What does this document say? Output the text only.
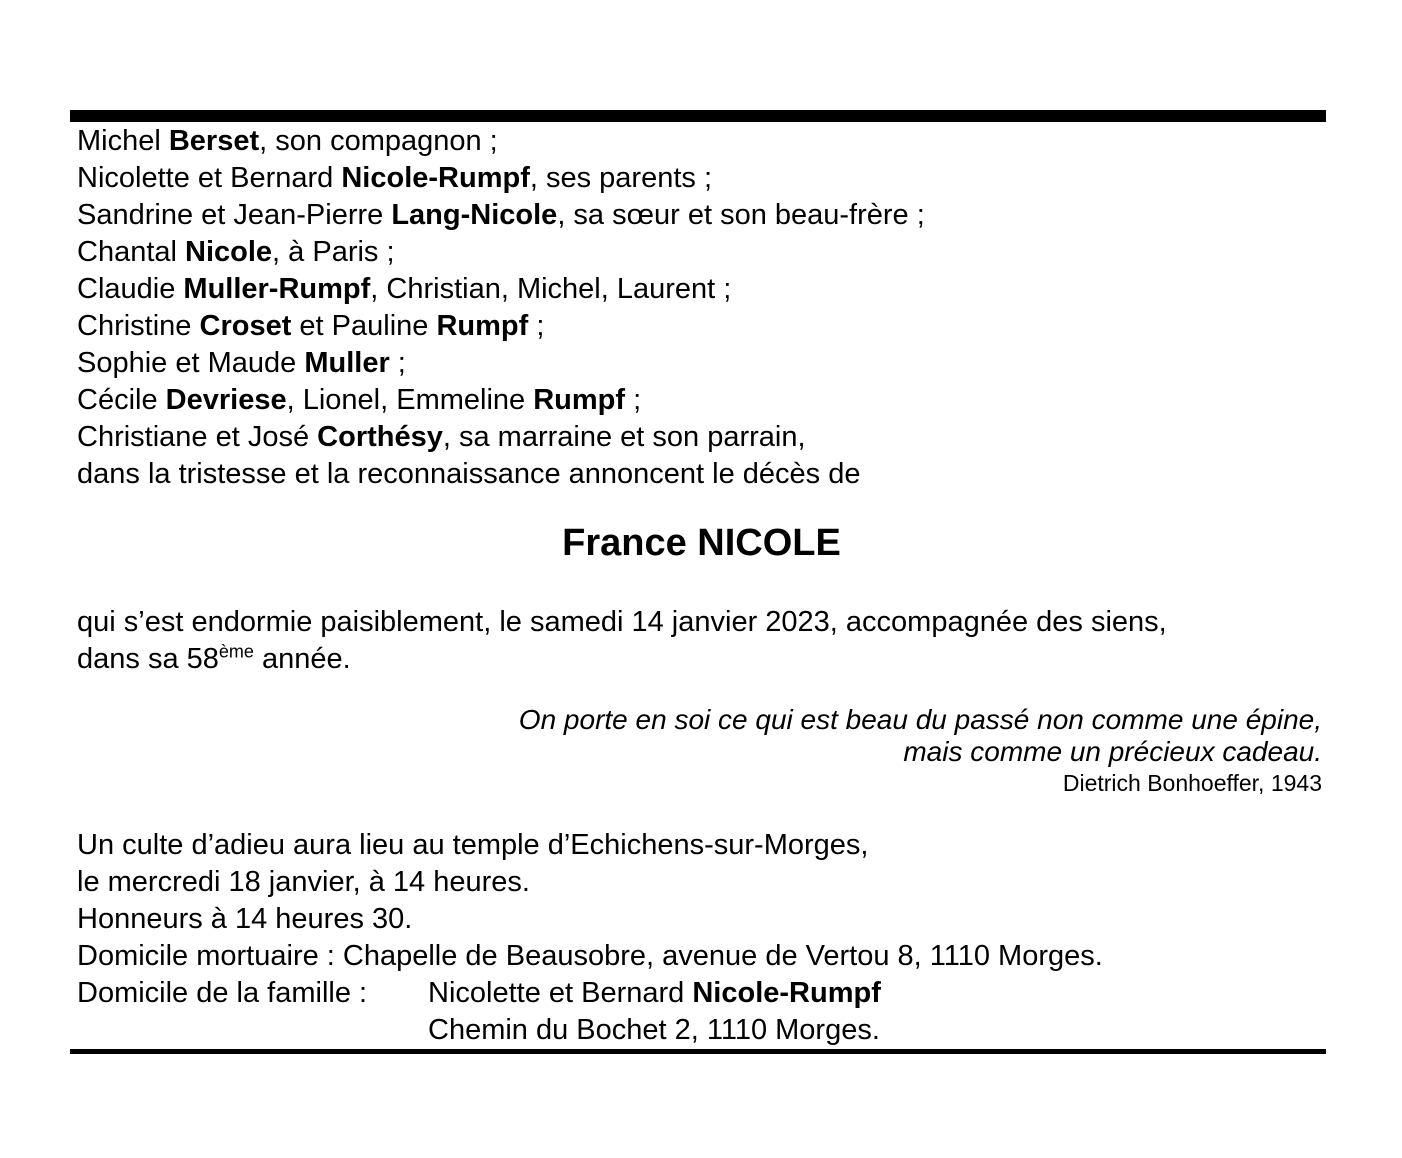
Michel Berset, son compagnon ;
Nicolette et Bernard Nicole-Rumpf, ses parents ;
Sandrine et Jean-Pierre Lang-Nicole, sa sœur et son beau-frère ;
Chantal Nicole, à Paris ;
Claudie Muller-Rumpf, Christian, Michel, Laurent ;
Christine Croset et Pauline Rumpf ;
Sophie et Maude Muller ;
Cécile Devriese, Lionel, Emmeline Rumpf ;
Christiane et José Corthésy, sa marraine et son parrain,
dans la tristesse et la reconnaissance annoncent le décès de
France NICOLE
qui s’est endormie paisiblement, le samedi 14 janvier 2023, accompagnée des siens,
dans sa 58ème année.
On porte en soi ce qui est beau du passé non comme une épine,
mais comme un précieux cadeau.
Dietrich Bonhoeffer, 1943
Un culte d’adieu aura lieu au temple d’Echichens-sur-Morges,
le mercredi 18 janvier, à 14 heures.
Honneurs à 14 heures 30.
Domicile mortuaire : Chapelle de Beausobre, avenue de Vertou 8, 1110 Morges.
Domicile de la famille : Nicolette et Bernard Nicole-Rumpf
Chemin du Bochet 2, 1110 Morges.
